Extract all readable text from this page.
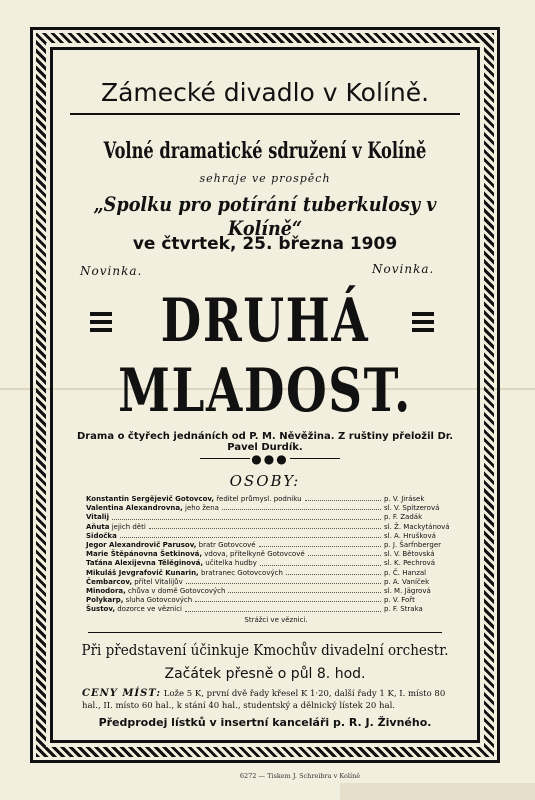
Zámecké divadlo v Kolíně.
Volné dramatické sdružení v Kolíně
sehraje ve prospěch
„Spolku pro potírání tuberkulosy v Kolíně“
ve čtvrtek, 25. března 1909
Novinka.	Novinka.
DRUHÁ
MLADOST.
Drama o čtyřech jednáních od P. M. Něvěžina. Z ruštiny přeložil Dr. Pavel Durdík.
●●●
OSOBY:
Konstantin Sergějevič Gotovcov, ředitel průmysl. podniku	p. V. Jirásek
Valentina Alexandrovna, jeho žena	sl. V. Spitzerová
Vitalij	p. F. Zadák
Aňuta jejich děti	sl. Ž. Mackytánová
Sidočka	sl. A. Hrušková
Jegor Alexandrovič Parusov, bratr Gotovcové	p. J. Šarfnberger
Marie Štěpánovna Šetkinová, vdova, přítelkyně Gotovcové	sl. V. Bětovská
Taťána Alexijevna Tělěginová, učitelka hudby	sl. K. Pechrová
Mikuláš Jevgrafovič Kunarin, bratranec Gotovcových	p. Č. Hanzal
Čembarcov, přítel Vitalijův	p. A. Vaníček
Minodora, chůva v domě Gotovcových	sl. M. Jägrová
Polykarp, sluha Gotovcových	p. V. Fořt
Šustov, dozorce ve věznici	p. F. Straka
Strážci ve věznici.
Při představení účinkuje Kmochův divadelní orchestr.
Začátek přesně o půl 8. hod.
CENY MÍST: Lože 5 K, první dvě řady křesel K 1·20, další řady 1 K, I. místo 80 hal., II. místo 60 hal., k stání 40 hal., studentský a dělnický lístek 20 hal.
Předprodej lístků v insertní kanceláři p. R. J. Živného.
6272 — Tiskem J. Schreibra v Kolíně
